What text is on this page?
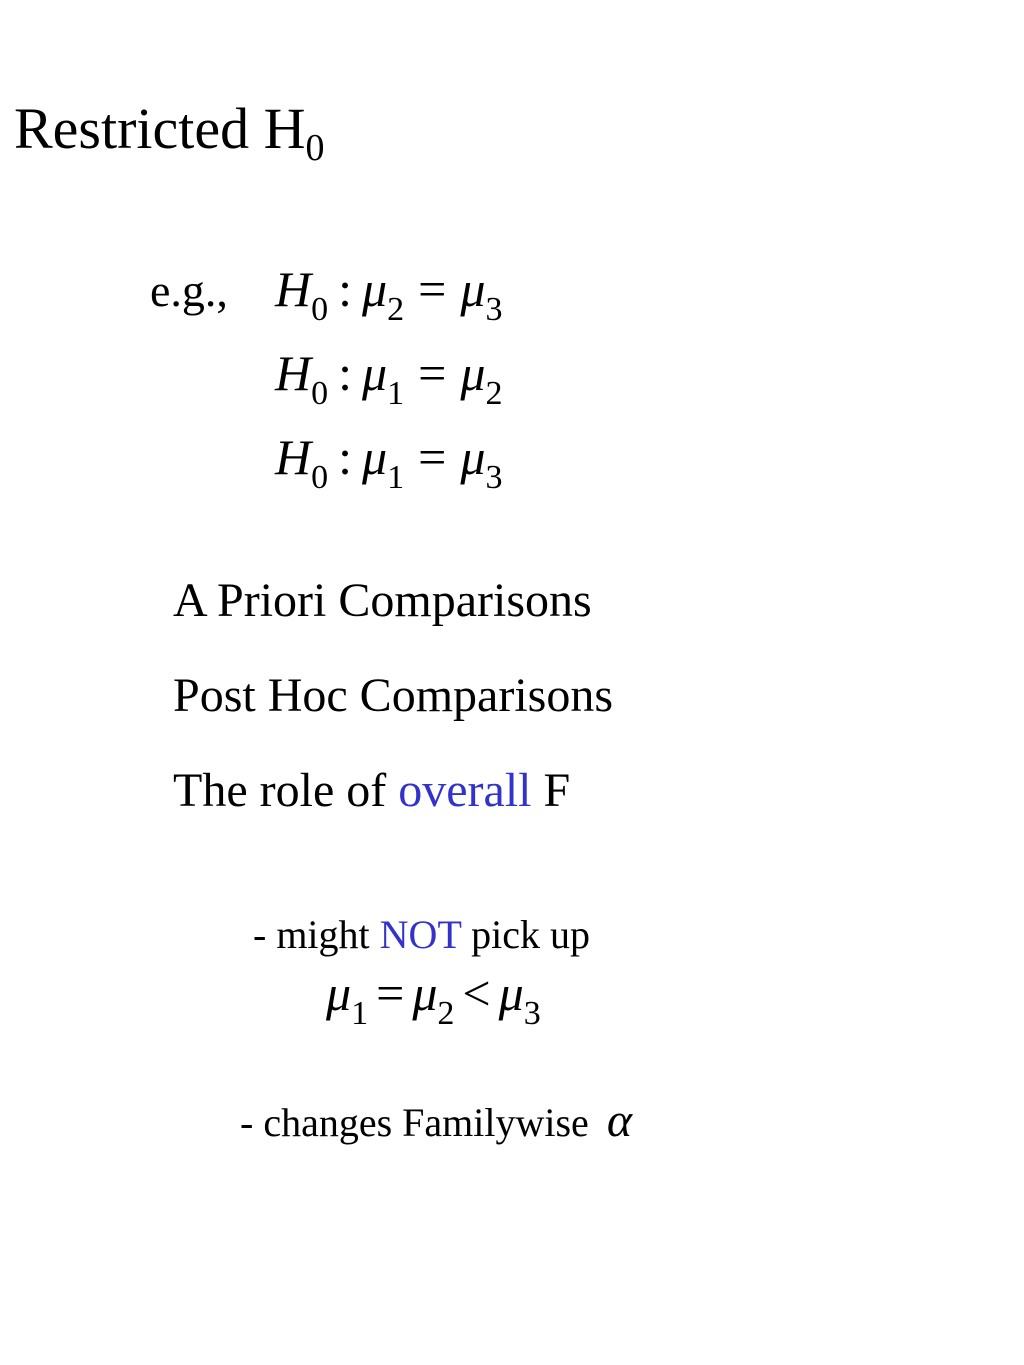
Restricted $H_0$
e.g., $H_0$ : $\mu_2 = \mu_3$
$H_0$ : $\mu_1 = \mu_2$
$H_0$ : $\mu_1 = \mu_3$
A Priori Comparisons
Post Hoc Comparisons
The role of overall F
- might NOT pick up
$\mu_1 = \mu_2 < \mu_3$
- changes Familywise α
